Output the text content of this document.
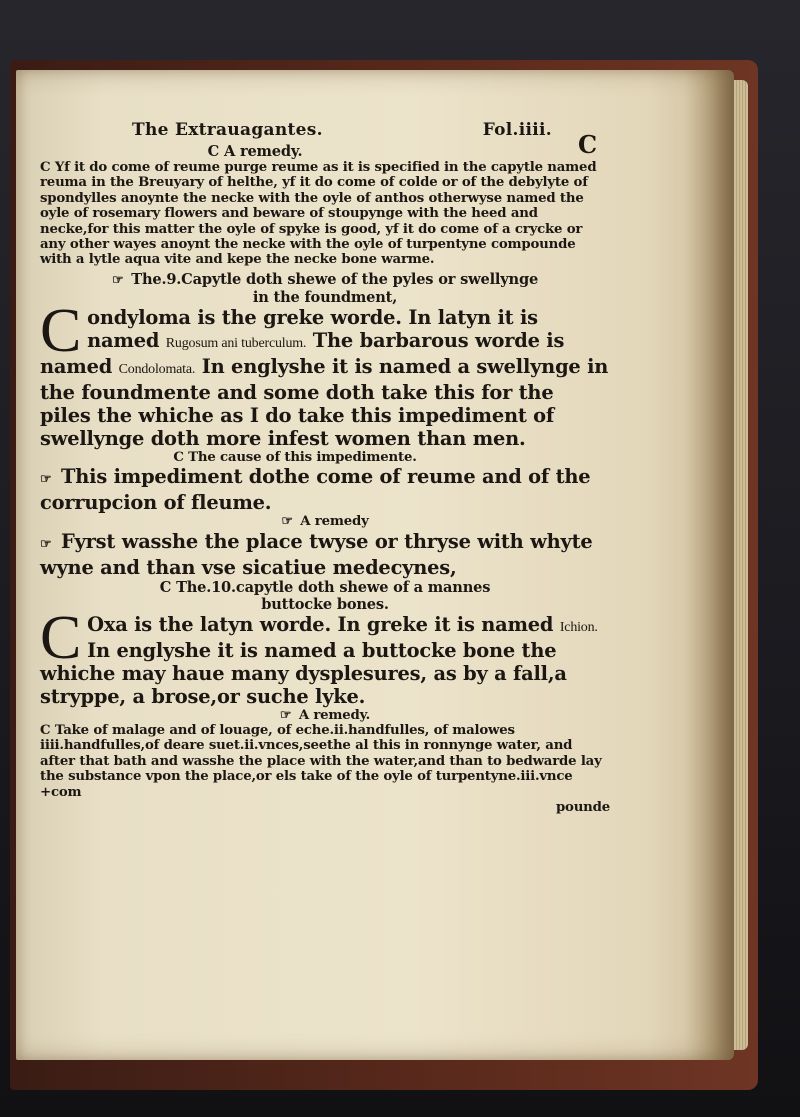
C
The Extrauagantes.	Fol.iiii.

C A remedy.

C Yf it do come of reume purge reume as it is specified in the capytle named reuma in the Breuyary of helthe, yf it do come of colde or of the debylyte of spondylles anoynte the necke with the oyle of anthos otherwyse named the oyle of rosemary flowers and beware of stoupynge with the heed and necke,for this matter the oyle of spyke is good, yf it do come of a crycke or any other wayes anoynt the necke with the oyle of turpentyne compounde with a lytle aqua vite and kepe the necke bone warme.

☞ The.9.Capytle doth shewe of the pyles or swellynge

in the foundment,

C ondyloma is the greke worde. In latyn it is named Rugosum ani tuberculum. The barbarous worde is named Condolomata. In englyshe it is named a swellynge in the foundmente and some doth take this for the piles the whiche as I do take this impediment of swellynge doth more infest women than men.

C The cause of this impedimente.

☞ This impediment dothe come of reume and of the corrupcion of fleume.

☞ A remedy

☞ Fyrst wasshe the place twyse or thryse with whyte wyne and than vse sicatiue medecynes,

C The.10.capytle doth shewe of a mannes

buttocke bones.

C Oxa is the latyn worde. In greke it is named Ichion. In englyshe it is named a buttocke bone the whiche may haue many dysplesures, as by a fall,a stryppe, a brose,or suche lyke.

☞ A remedy.

C Take of malage and of louage, of eche.ii.handfulles, of malowes iiii.handfulles,of deare suet.ii.vnces,seethe al this in ronnynge water, and after that bath and wasshe the place with the water,and than to bedwarde lay the substance vpon the place,or els take of the oyle of turpentyne.iii.vnce +com

pounde
